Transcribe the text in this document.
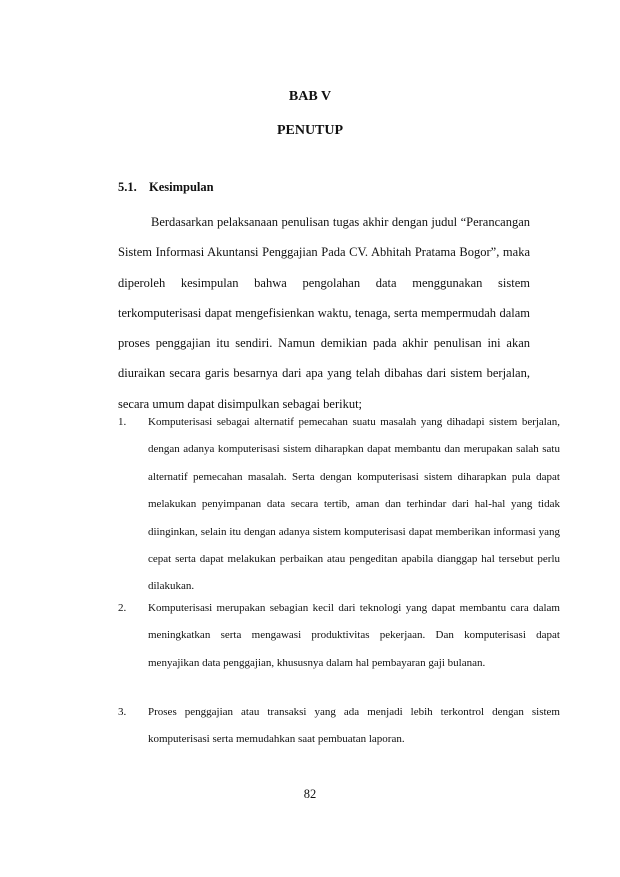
BAB V
PENUTUP
5.1. Kesimpulan

Berdasarkan pelaksanaan penulisan tugas akhir dengan judul “Perancangan Sistem Informasi Akuntansi Penggajian Pada CV. Abhitah Pratama Bogor”, maka diperoleh kesimpulan bahwa pengolahan data menggunakan sistem terkomputerisasi dapat mengefisienkan waktu, tenaga, serta mempermudah dalam proses penggajian itu sendiri. Namun demikian pada akhir penulisan ini akan diuraikan secara garis besarnya dari apa yang telah dibahas dari sistem berjalan, secara umum dapat disimpulkan sebagai berikut;

1. Komputerisasi sebagai alternatif pemecahan suatu masalah yang dihadapi sistem berjalan, dengan adanya komputerisasi sistem diharapkan dapat membantu dan merupakan salah satu alternatif pemecahan masalah. Serta dengan komputerisasi sistem diharapkan pula dapat melakukan penyimpanan data secara tertib, aman dan terhindar dari hal-hal yang tidak diinginkan, selain itu dengan adanya sistem komputerisasi dapat memberikan informasi yang cepat serta dapat melakukan perbaikan atau pengeditan apabila dianggap hal tersebut perlu dilakukan.
2. Komputerisasi merupakan sebagian kecil dari teknologi yang dapat membantu cara dalam meningkatkan serta mengawasi produktivitas pekerjaan. Dan komputerisasi dapat menyajikan data penggajian, khususnya dalam hal pembayaran gaji bulanan.
3. Proses penggajian atau transaksi yang ada menjadi lebih terkontrol dengan sistem komputerisasi serta memudahkan saat pembuatan laporan.
82
